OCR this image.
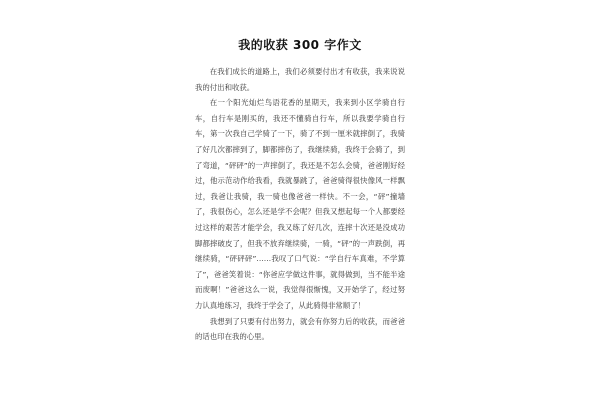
我的收获 300 字作文

在我们成长的道路上，我们必须要付出才有收获，我来说说我的付出和收获。

在一个阳光灿烂鸟语花香的星期天，我来到小区学骑自行车，自行车是刚买的，我还不懂骑自行车，所以我要学骑自行车，第一次我自己学骑了一下，骑了不到一厘米就摔倒了，我骑了好几次都摔到了，脚都摔伤了，我继续骑，我终于会骑了，到了弯道，“砰砰”的一声摔倒了，我还是不怎么会骑，爸爸刚好经过，他示范动作给我看，我就暴跳了，爸爸骑得很快像风一样飘过，我爸让我骑，我一骑也像爸爸一样快。不一会，“砰”撞墙了，我很伤心，怎么还是学不会呢？但我又想起每一个人都要经过这样的艰苦才能学会，我又练了好几次，连摔十次还是没成功脚都摔破皮了，但我不放弃继续骑，一骑，“砰”的一声跌倒，再继续骑，“砰砰砰”……我叹了口气说：“学自行车真难，不学算了”，爸爸笑着说：“你爸应学做这件事，就得做到，当不能半途而废啊！”爸爸这么一说，我觉得很惭愧，又开始学了，经过努力认真地练习，我终于学会了，从此骑得非常顺了！

我想到了只要有付出努力，就会有你努力后的收获，而爸爸的话也印在我的心里。
